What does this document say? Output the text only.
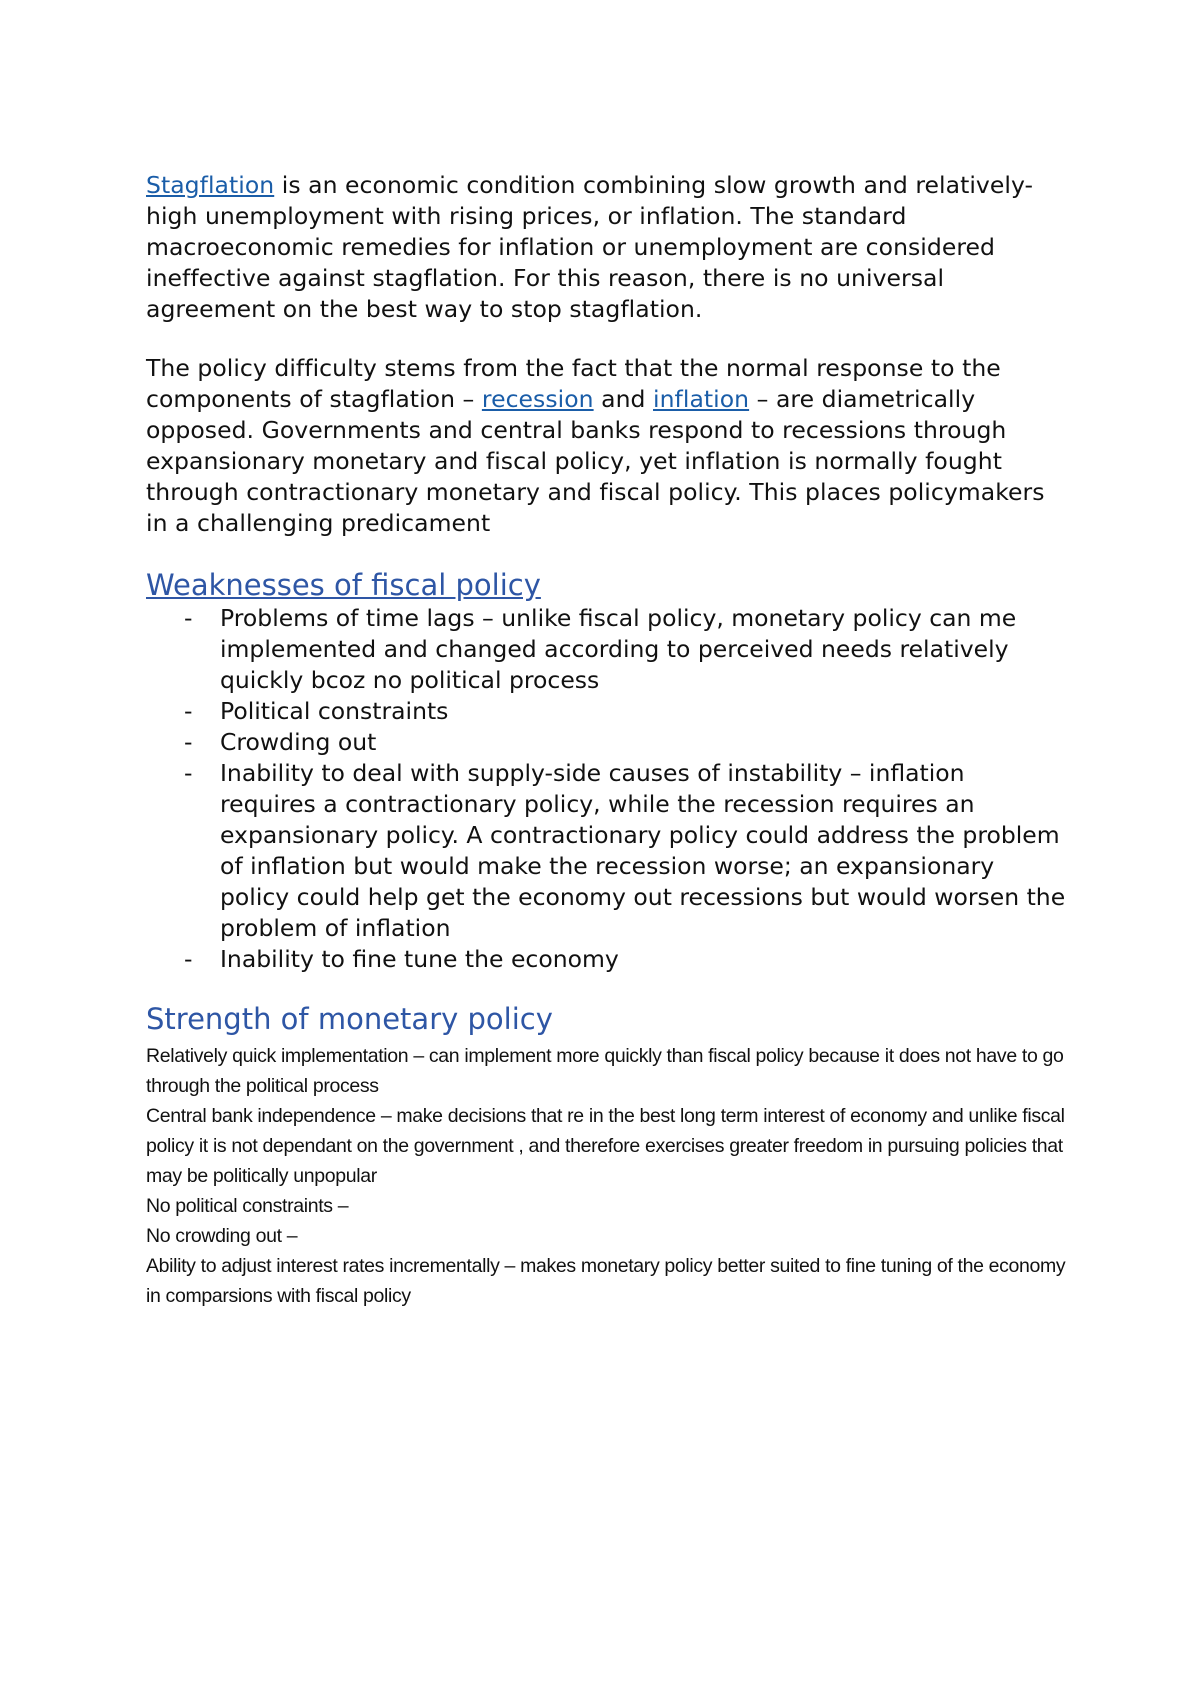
Stagflation is an economic condition combining slow growth and relatively-high unemployment with rising prices, or inflation. The standard macroeconomic remedies for inflation or unemployment are considered ineffective against stagflation. For this reason, there is no universal agreement on the best way to stop stagflation.

The policy difficulty stems from the fact that the normal response to the components of stagflation – recession and inflation – are diametrically opposed. Governments and central banks respond to recessions through expansionary monetary and fiscal policy, yet inflation is normally fought through contractionary monetary and fiscal policy. This places policymakers in a challenging predicament

Weaknesses of fiscal policy
- Problems of time lags – unlike fiscal policy, monetary policy can me implemented and changed according to perceived needs relatively quickly bcoz no political process
- Political constraints
- Crowding out
- Inability to deal with supply-side causes of instability – inflation requires a contractionary policy, while the recession requires an expansionary policy. A contractionary policy could address the problem of inflation but would make the recession worse; an expansionary policy could help get the economy out recessions but would worsen the problem of inflation
- Inability to fine tune the economy
Strength of monetary policy

Relatively quick implementation – can implement more quickly than fiscal policy because it does not have to go through the political process

Central bank independence – make decisions that re in the best long term interest of economy and unlike fiscal policy it is not dependant on the government , and therefore exercises greater freedom in pursuing policies that may be politically unpopular

No political constraints –

No crowding out –

Ability to adjust interest rates incrementally – makes monetary policy better suited to fine tuning of the economy in comparsions with fiscal policy
